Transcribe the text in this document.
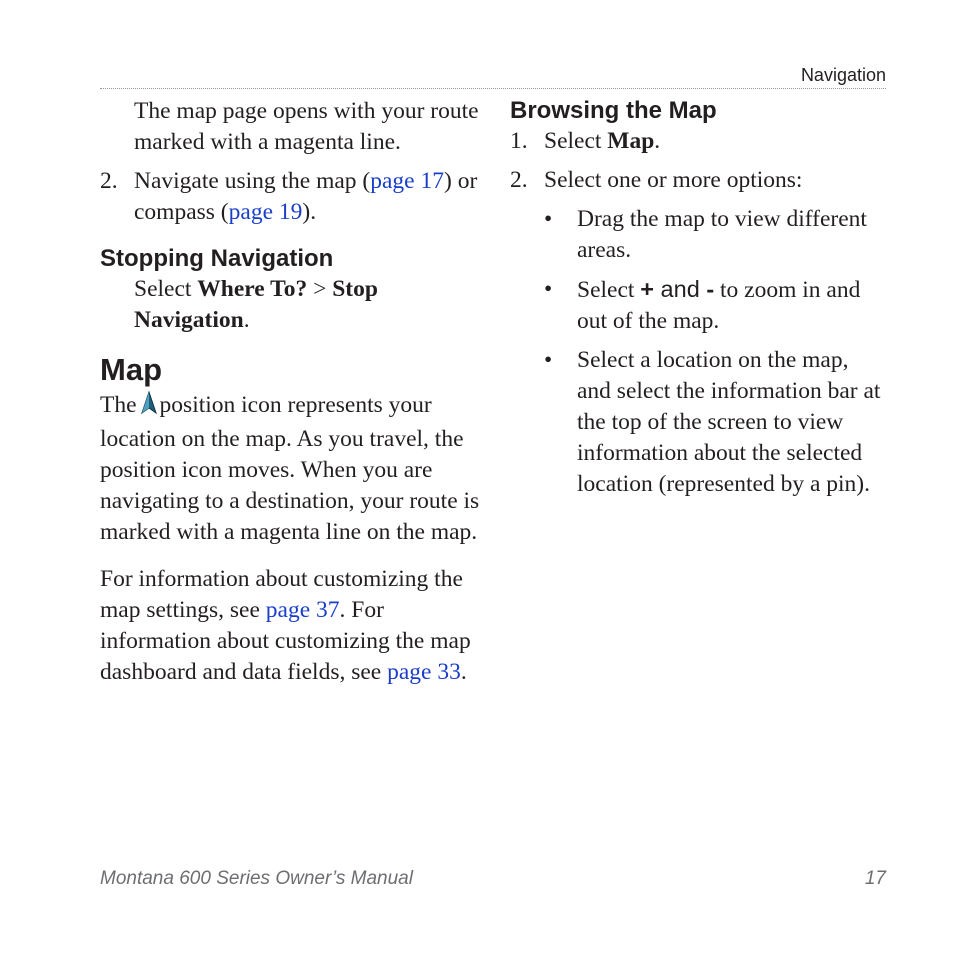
Navigation

The map page opens with your route marked with a magenta line.

2. Navigate using the map (page 17) or compass (page 19).
Stopping Navigation

Select Where To? > Stop Navigation.

Map

The position icon represents your location on the map. As you travel, the position icon moves. When you are navigating to a destination, your route is marked with a magenta line on the map.

For information about customizing the map settings, see page 37. For information about customizing the map dashboard and data fields, see page 33.

Browsing the Map
1. Select Map.
2. Select one or more options:
•	Drag the map to view different areas.
•	Select + and - to zoom in and out of the map.
•	Select a location on the map, and select the information bar at the top of the screen to view information about the selected location (represented by a pin).
Montana 600 Series Owner’s Manual	17
